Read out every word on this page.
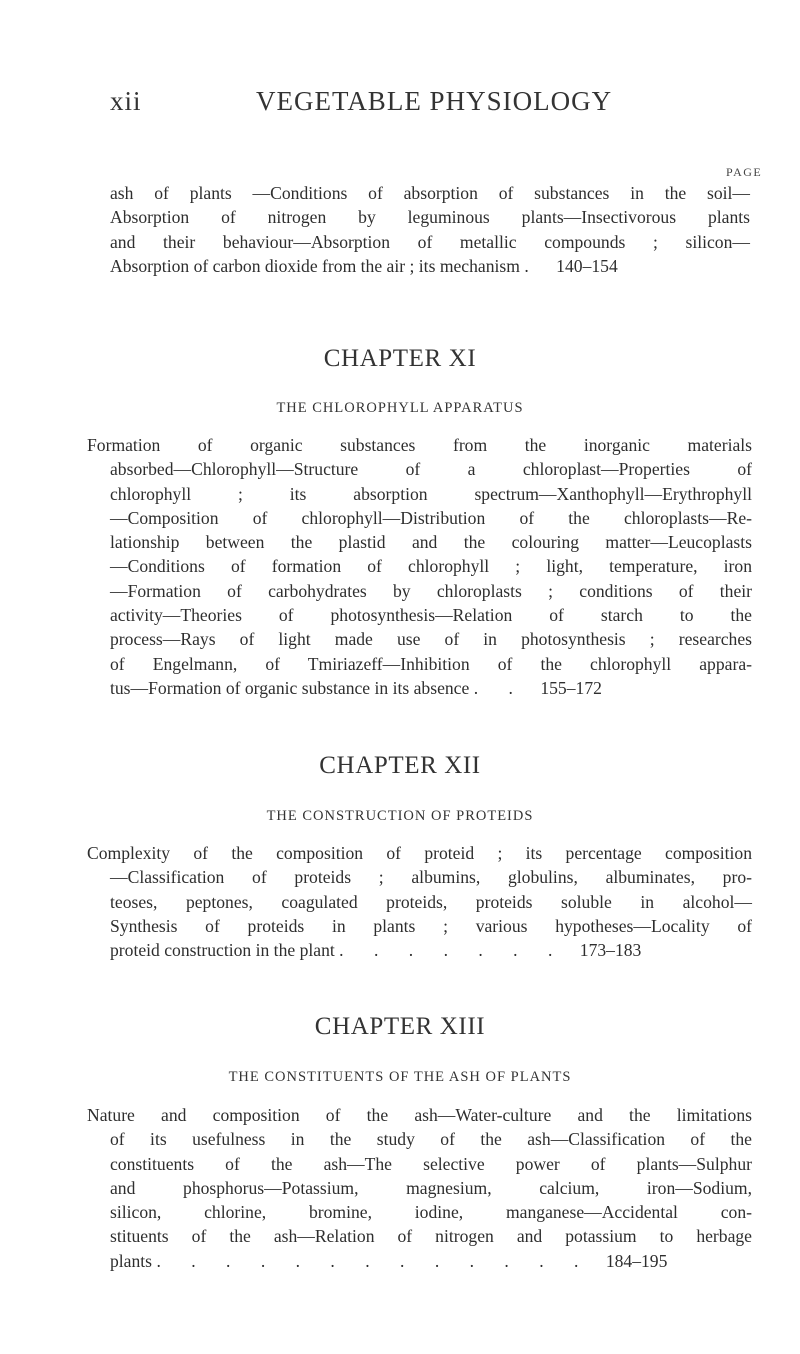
xii	VEGETABLE PHYSIOLOGY
PAGE
ash of plants —Conditions of absorption of substances in the soil—
Absorption of nitrogen by leguminous plants—Insectivorous plants
and their behaviour—Absorption of metallic compounds ; silicon—
Absorption of carbon dioxide from the air ; its mechanism . 140–154
CHAPTER XI
THE CHLOROPHYLL APPARATUS
Formation of organic substances from the inorganic materials
absorbed—Chlorophyll—Structure of a chloroplast—Properties of
chlorophyll ; its absorption spectrum—Xanthophyll—Erythrophyll
—Composition of chlorophyll—Distribution of the chloroplasts—Re-
lationship between the plastid and the colouring matter—Leucoplasts
—Conditions of formation of chlorophyll ; light, temperature, iron
—Formation of carbohydrates by chloroplasts ; conditions of their
activity—Theories of photosynthesis—Relation of starch to the
process—Rays of light made use of in photosynthesis ; researches
of Engelmann, of Tmiriazeff—Inhibition of the chlorophyll appara-
tus—Formation of organic substance in its absence . . 155–172
CHAPTER XII
THE CONSTRUCTION OF PROTEIDS
Complexity of the composition of proteid ; its percentage composition
—Classification of proteids ; albumins, globulins, albuminates, pro-
teoses, peptones, coagulated proteids, proteids soluble in alcohol—
Synthesis of proteids in plants ; various hypotheses—Locality of
proteid construction in the plant . . . . . . . 173–183
CHAPTER XIII
THE CONSTITUENTS OF THE ASH OF PLANTS
Nature and composition of the ash—Water-culture and the limitations
of its usefulness in the study of the ash—Classification of the
constituents of the ash—The selective power of plants—Sulphur
and phosphorus—Potassium, magnesium, calcium, iron—Sodium,
silicon, chlorine, bromine, iodine, manganese—Accidental con-
stituents of the ash—Relation of nitrogen and potassium to herbage
plants . . . . . . . . . . . . . 184–195
